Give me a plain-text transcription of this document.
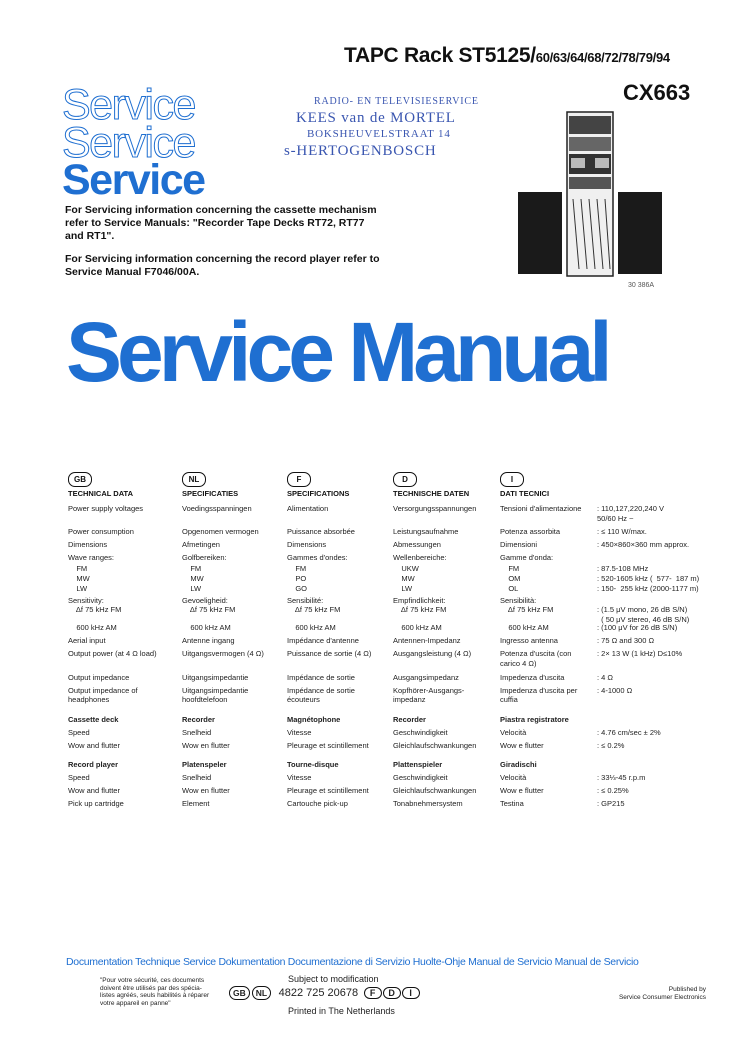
TAPC Rack ST5125/60/63/64/68/72/78/79/94
CX663
Service
Service
Service
RADIO- EN TELEVISIESERVICE
KEES van de MORTEL
BOKSHEUVELSTRAAT 14
s-HERTOGENBOSCH
For Servicing information concerning the cassette mechanism refer to Service Manuals: "Recorder Tape Decks RT72, RT77 and RT1".
For Servicing information concerning the record player refer to Service Manual F7046/00A.
30 386A
Service Manual
GB	NL	F	D	I
TECHNICAL DATA	SPECIFICATIES	SPECIFICATIONS	TECHNISCHE DATEN	DATI TECNICI
Power supply voltages	Voedingsspanningen	Alimentation	Versorgungsspannungen	Tensioni d'alimentazione : 110,127,220,240 V
50/60 Hz ~
Power consumption	Opgenomen vermogen	Puissance absorbée	Leistungsaufnahme	Potenza assorbita	: ≤ 110 W/max.
Dimensions	Afmetingen	Dimensions	Abmessungen	Dimensioni	: 450×860×360 mm approx.
Wave ranges:	Golfbereiken:	Gammes d'ondes:	Wellenbereiche:	Gamme d'onda:
FM	FM	FM	UKW	FM	: 87.5-108 MHz
MW	MW	PO	MW	OM	: 520-1605 kHz (  577-  187 m)
LW	LW	GO	LW	OL	: 150-  255 kHz (2000-1177 m)
Sensitivity:	Gevoeligheid:	Sensibilité:	Empfindlichkeit:	Sensibilità:
Δf 75 kHz FM	Δf 75 kHz FM	Δf 75 kHz FM	Δf 75 kHz FM	Δf 75 kHz FM	: (1.5 μV mono, 26 dB S/N)
( 50 μV stereo, 46 dB S/N)
600 kHz AM	600 kHz AM	600 kHz AM	600 kHz AM	600 kHz AM	: (100 μV for 26 dB S/N)
Aerial input	Antenne ingang	Impédance d'antenne	Antennen-Impedanz	Ingresso antenna	: 75 Ω and 300 Ω
Output power (at 4 Ω load)	Uitgangsvermogen (4 Ω)	Puissance de sortie (4 Ω)	Ausgangsleistung (4 Ω)	Potenza d'uscita (con	: 2× 13 W (1 kHz) D≤10%
carico 4 Ω)
Output impedance	Uitgangsimpedantie	Impédance de sortie	Ausgangsimpedanz	Impedenza d'uscita	: 4 Ω
Output impedance of	Uitgangsimpedantie	Impédance de sortie	Kopfhörer-Ausgangs-	Impedenza d'uscita per	: 4-1000 Ω
headphones	hoofdtelefoon	écouteurs	impedanz	cuffia
Cassette deck	Recorder	Magnétophone	Recorder	Piastra registratore
Speed	Snelheid	Vitesse	Geschwindigkeit	Velocità	: 4.76 cm/sec ± 2%
Wow and flutter	Wow en flutter	Pleurage et scintillement	Gleichlaufschwankungen	Wow e flutter	: ≤ 0.2%
Record player	Platenspeler	Tourne-disque	Plattenspieler	Giradischi
Speed	Snelheid	Vitesse	Geschwindigkeit	Velocità	: 33⅓-45 r.p.m
Wow and flutter	Wow en flutter	Pleurage et scintillement	Gleichlaufschwankungen	Wow e flutter	: ≤ 0.25%
Pick up cartridge	Element	Cartouche pick-up	Tonabnehmersystem	Testina	: GP215
Documentation Technique Service Dokumentation Documentazione di Servizio Huolte-Ohje Manual de Servicio Manual de Servicio
"Pour votre sécurité, ces documents
doivent être utilisés par des spécia-
listes agréés, seuls habilités à réparer
votre appareil en panne"
Subject to modification
GB NL 4822 725 20678 F D I
Printed in The Netherlands
Published by
Service Consumer Electronics
